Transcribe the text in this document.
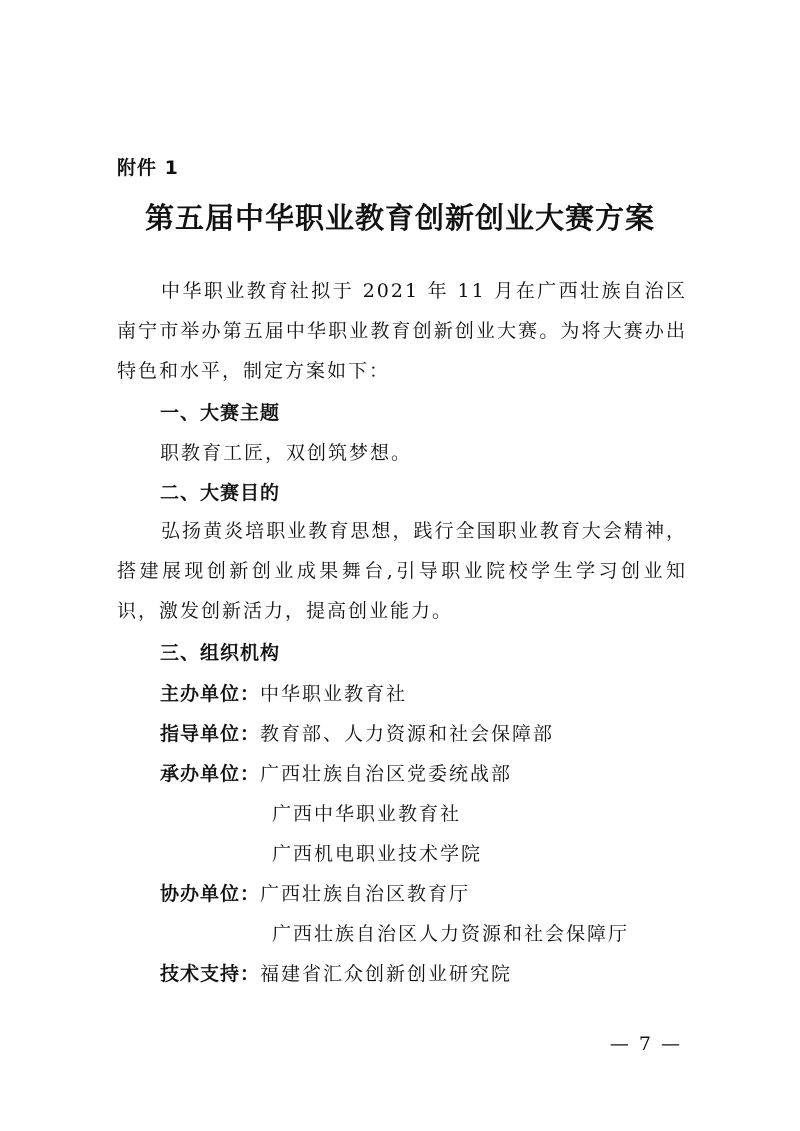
附件 1
第五届中华职业教育创新创业大赛方案
中华职业教育社拟于 2021 年 11 月在广西壮族自治区南宁市举办第五届中华职业教育创新创业大赛。为将大赛办出特色和水平，制定方案如下：
一、大赛主题
职教育工匠，双创筑梦想。
二、大赛目的
弘扬黄炎培职业教育思想，践行全国职业教育大会精神，搭建展现创新创业成果舞台,引导职业院校学生学习创业知识，激发创新活力，提高创业能力。
三、组织机构
主办单位：中华职业教育社
指导单位：教育部、人力资源和社会保障部
承办单位：广西壮族自治区党委统战部
广西中华职业教育社
广西机电职业技术学院
协办单位：广西壮族自治区教育厅
广西壮族自治区人力资源和社会保障厅
技术支持：福建省汇众创新创业研究院
— 7 —
